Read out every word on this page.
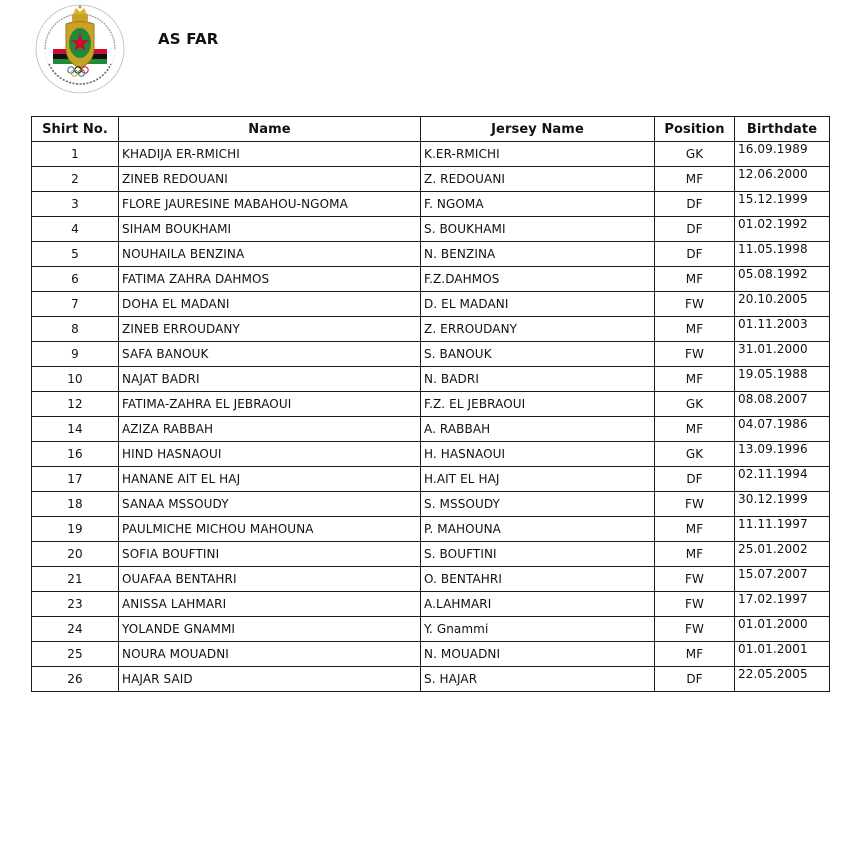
AS FAR
Shirt No.	Name	Jersey Name	Position	Birthdate
1	KHADIJA ER-RMICHI	K.ER-RMICHI	GK	16.09.1989
2	ZINEB REDOUANI	Z. REDOUANI	MF	12.06.2000
3	FLORE JAURESINE MABAHOU-NGOMA	F. NGOMA	DF	15.12.1999
4	SIHAM BOUKHAMI	S. BOUKHAMI	DF	01.02.1992
5	NOUHAILA BENZINA	N. BENZINA	DF	11.05.1998
6	FATIMA ZAHRA DAHMOS	F.Z.DAHMOS	MF	05.08.1992
7	DOHA EL MADANI	D. EL MADANI	FW	20.10.2005
8	ZINEB ERROUDANY	Z. ERROUDANY	MF	01.11.2003
9	SAFA BANOUK	S. BANOUK	FW	31.01.2000
10	NAJAT BADRI	N. BADRI	MF	19.05.1988
12	FATIMA-ZAHRA EL JEBRAOUI	F.Z. EL JEBRAOUI	GK	08.08.2007
14	AZIZA RABBAH	A. RABBAH	MF	04.07.1986
16	HIND HASNAOUI	H. HASNAOUI	GK	13.09.1996
17	HANANE AIT EL HAJ	H.AIT EL HAJ	DF	02.11.1994
18	SANAA MSSOUDY	S. MSSOUDY	FW	30.12.1999
19	PAULMICHE MICHOU MAHOUNA	P. MAHOUNA	MF	11.11.1997
20	SOFIA BOUFTINI	S. BOUFTINI	MF	25.01.2002
21	OUAFAA BENTAHRI	O. BENTAHRI	FW	15.07.2007
23	ANISSA LAHMARI	A.LAHMARI	FW	17.02.1997
24	YOLANDE GNAMMI	Y. Gnammi	FW	01.01.2000
25	NOURA MOUADNI	N. MOUADNI	MF	01.01.2001
26	HAJAR SAID	S. HAJAR	DF	22.05.2005
